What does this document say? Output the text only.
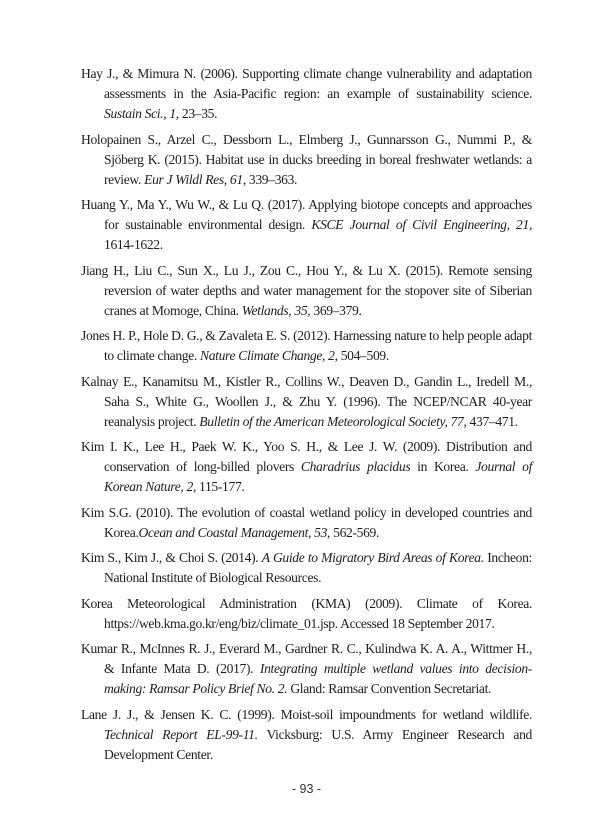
Hay J., & Mimura N. (2006). Supporting climate change vulnerability and adaptation assessments in the Asia-Pacific region: an example of sustainability science. Sustain Sci., 1, 23–35.

Holopainen S., Arzel C., Dessborn L., Elmberg J., Gunnarsson G., Nummi P., & Sjöberg K. (2015). Habitat use in ducks breeding in boreal freshwater wetlands: a review. Eur J Wildl Res, 61, 339–363.

Huang Y., Ma Y., Wu W., & Lu Q. (2017). Applying biotope concepts and approaches for sustainable environmental design. KSCE Journal of Civil Engineering, 21, 1614-1622.

Jiang H., Liu C., Sun X., Lu J., Zou C., Hou Y., & Lu X. (2015). Remote sensing reversion of water depths and water management for the stopover site of Siberian cranes at Momoge, China. Wetlands, 35, 369–379.

Jones H. P., Hole D. G., & Zavaleta E. S. (2012). Harnessing nature to help people adapt to climate change. Nature Climate Change, 2, 504–509.

Kalnay E., Kanamitsu M., Kistler R., Collins W., Deaven D., Gandin L., Iredell M., Saha S., White G., Woollen J., & Zhu Y. (1996). The NCEP/NCAR 40-year reanalysis project. Bulletin of the American Meteorological Society, 77, 437–471.

Kim I. K., Lee H., Paek W. K., Yoo S. H., & Lee J. W. (2009). Distribution and conservation of long-billed plovers Charadrius placidus in Korea. Journal of Korean Nature, 2, 115-177.

Kim S.G. (2010). The evolution of coastal wetland policy in developed countries and Korea.Ocean and Coastal Management, 53, 562-569.

Kim S., Kim J., & Choi S. (2014). A Guide to Migratory Bird Areas of Korea. Incheon: National Institute of Biological Resources.

Korea Meteorological Administration (KMA) (2009). Climate of Korea. https://web.kma.go.kr/eng/biz/climate_01.jsp. Accessed 18 September 2017.

Kumar R., McInnes R. J., Everard M., Gardner R. C., Kulindwa K. A. A., Wittmer H., & Infante Mata D. (2017). Integrating multiple wetland values into decision-making: Ramsar Policy Brief No. 2. Gland: Ramsar Convention Secretariat.

Lane J. J., & Jensen K. C. (1999). Moist-soil impoundments for wetland wildlife. Technical Report EL-99-11. Vicksburg: U.S. Army Engineer Research and Development Center.

- 93 -
